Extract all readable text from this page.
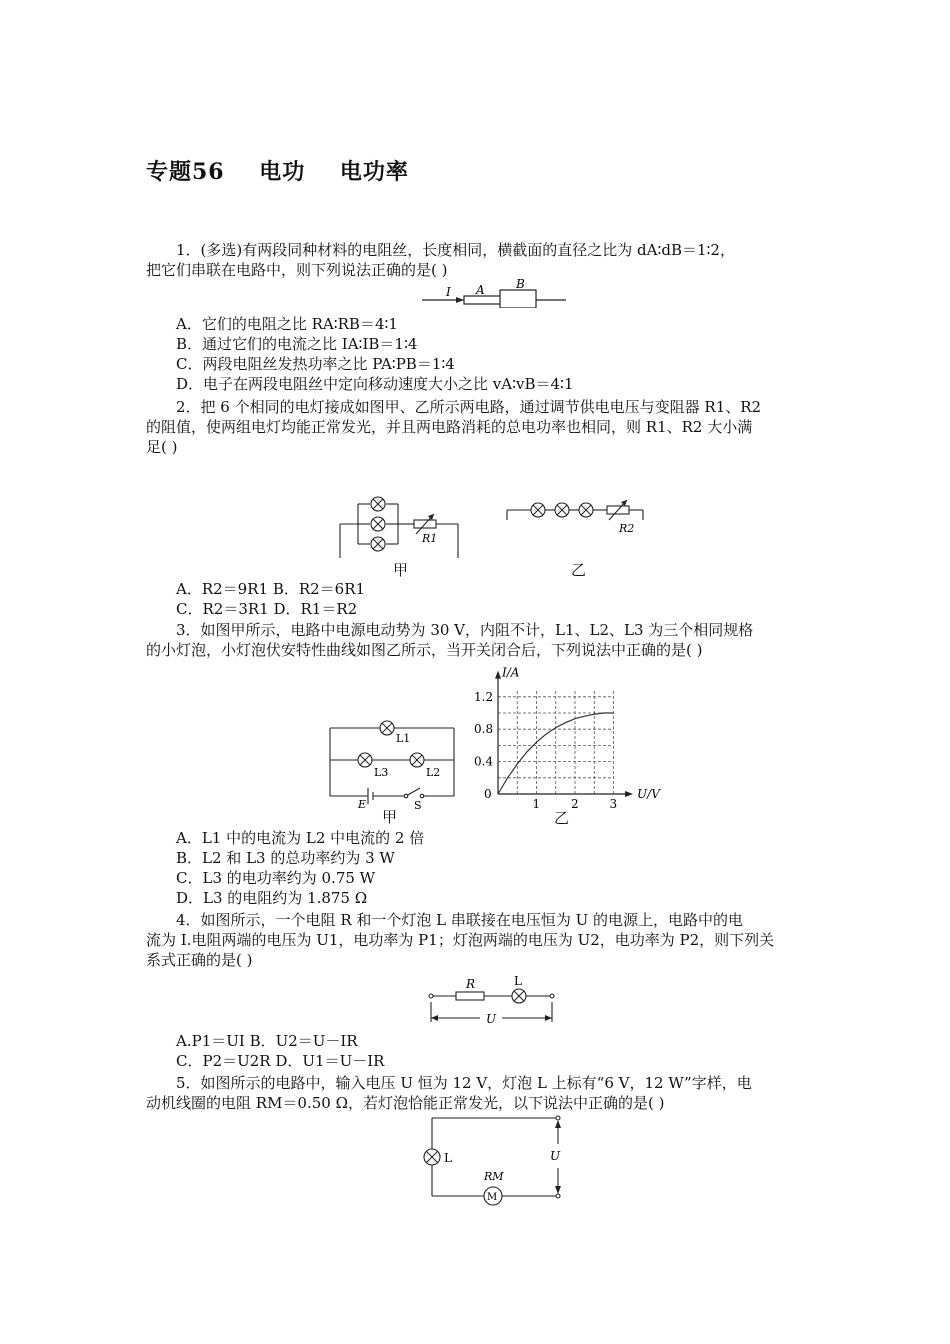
专题56    电功    电功率
1．(多选)有两段同种材料的电阻丝，长度相同，横截面的直径之比为 dA∶dB＝1∶2，
把它们串联在电路中，则下列说法正确的是( )
I A	B
A．它们的电阻之比 RA∶RB＝4∶1
B．通过它们的电流之比 IA∶IB＝1∶4
C．两段电阻丝发热功率之比 PA∶PB＝1∶4
D．电子在两段电阻丝中定向移动速度大小之比 vA∶vB＝4∶1
2．把 6 个相同的电灯接成如图甲、乙所示两电路，通过调节供电电压与变阻器 R1、R2
的阻值，使两组电灯均能正常发光，并且两电路消耗的总电功率也相同，则 R1、R2 大小满
足( )
R1
甲
R2
乙
A．R2＝9R1 B．R2＝6R1
C．R2＝3R1 D．R1＝R2
3．如图甲所示，电路中电源电动势为 30 V，内阻不计，L1、L2、L3 为三个相同规格
的小灯泡，小灯泡伏安特性曲线如图乙所示，当开关闭合后，下列说法中正确的是( )
L1
L3	L2
E	S
甲
1	2	3
0.4
0.8
1.2
U/V
I/A
0
乙
A．L1 中的电流为 L2 中电流的 2 倍
B．L2 和 L3 的总功率约为 3 W
C．L3 的电功率约为 0.75 W
D．L3 的电阻约为 1.875 Ω
4．如图所示，一个电阻 R 和一个灯泡 L 串联接在电压恒为 U 的电源上，电路中的电
流为 I.电阻两端的电压为 U1，电功率为 P1；灯泡两端的电压为 U2，电功率为 P2，则下列关
系式正确的是( )
R	L
U
A.P1＝UI B．U2＝U－IR
C．P2＝U2R D．U1＝U－IR
5．如图所示的电路中，输入电压 U 恒为 12 V，灯泡 L 上标有“6 V，12 W”字样，电
动机线圈的电阻 RM＝0.50 Ω，若灯泡恰能正常发光，以下说法中正确的是( )
L	U
RM
M
